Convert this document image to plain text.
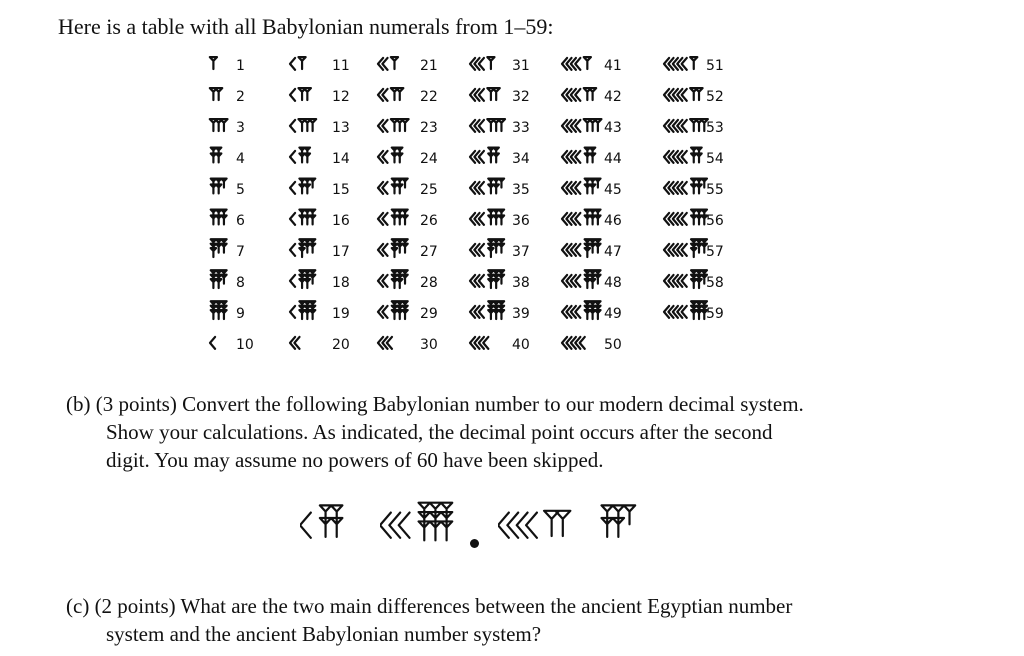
Here is a table with all Babylonian numerals from 1–59:
1
2
3
4
5
6
7
8
9
10
11
12
13
14
15
16
17
18
19
20
21
22
23
24
25
26
27
28
29
30
31
32
33
34
35
36
37
38
39
40
41
42
43
44
45
46
47
48
49
50
51
52
53
54
55
56
57
58
59
(b) (3 points) Convert the following Babylonian number to our modern decimal system.
Show your calculations. As indicated, the decimal point occurs after the second
digit. You may assume no powers of 60 have been skipped.
(c) (2 points) What are the two main differences between the ancient Egyptian number
system and the ancient Babylonian number system?
